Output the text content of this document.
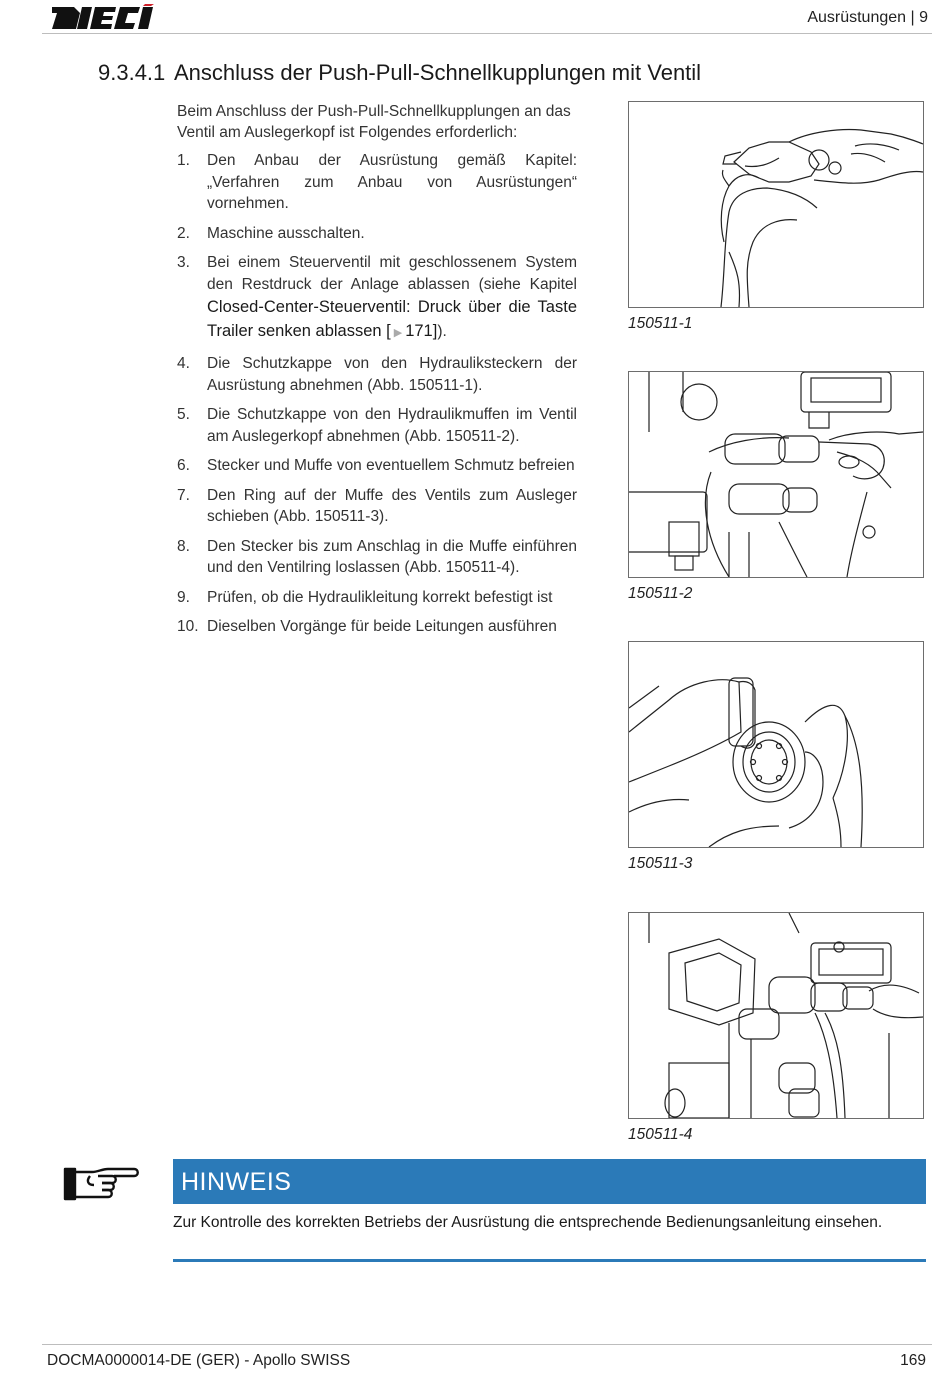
Ausrüstungen | 9
9.3.4.1 Anschluss der Push-Pull-Schnellkupplungen mit Ventil
Beim Anschluss der Push-Pull-Schnellkupplungen an das Ventil am Auslegerkopf ist Folgendes erforderlich:
1.	Den Anbau der Ausrüstung gemäß Kapitel: „Verfahren zum Anbau von Ausrüstungen“ vornehmen.
2.	Maschine ausschalten.
3.	Bei einem Steuerventil mit geschlossenem System den Restdruck der Anlage ablassen (siehe Kapitel Closed-Center-Steuerventil: Druck über die Taste Trailer senken ablassen [ ▶ 171]).
4.	Die Schutzkappe von den Hydrauliksteckern der Ausrüstung abnehmen (Abb. 150511-1).
5.	Die Schutzkappe von den Hydraulikmuffen im Ventil am Auslegerkopf abnehmen (Abb. 150511-2).
6.	Stecker und Muffe von eventuellem Schmutz befreien
7.	Den Ring auf der Muffe des Ventils zum Ausleger schieben (Abb. 150511-3).
8.	Den Stecker bis zum Anschlag in die Muffe einführen und den Ventilring loslassen (Abb. 150511-4).
9.	Prüfen, ob die Hydraulikleitung korrekt befestigt ist
10. Dieselben Vorgänge für beide Leitungen ausführen
150511-1
150511-2
150511-3
150511-4
HINWEIS
Zur Kontrolle des korrekten Betriebs der Ausrüstung die entsprechende Bedienungsanleitung einsehen.
DOCMA0000014-DE (GER) - Apollo SWISS	169
